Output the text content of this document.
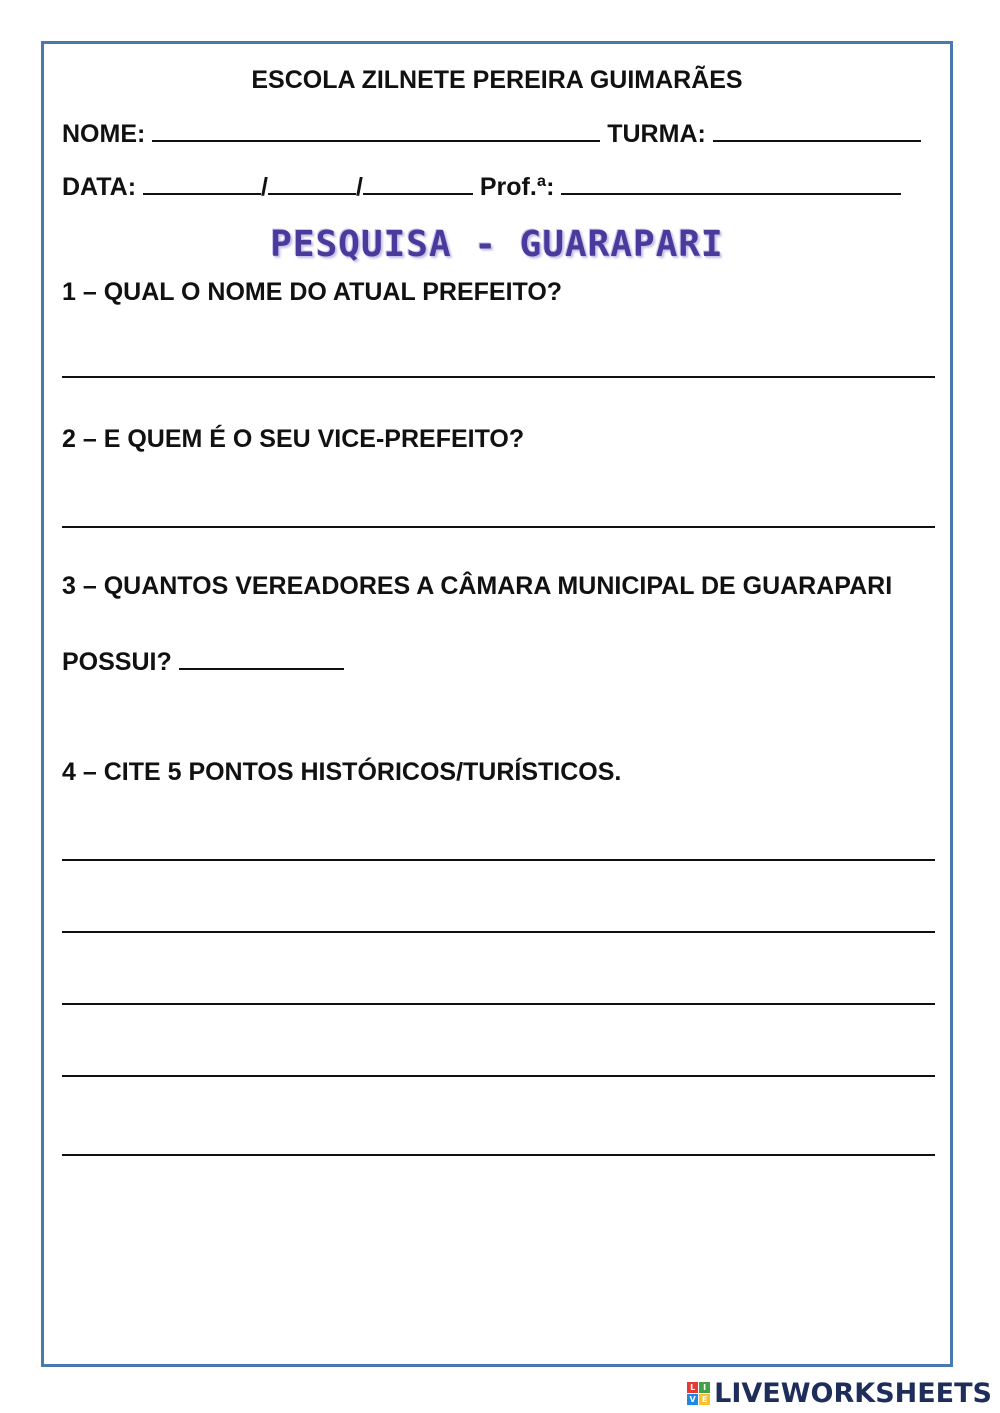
ESCOLA ZILNETE PEREIRA GUIMARÃES
NOME:	TURMA:
DATA:	/	/	Prof.ª:
PESQUISA - GUARAPARI
1 – QUAL O NOME DO ATUAL PREFEITO?
2 – E QUEM É O SEU VICE-PREFEITO?
3 – QUANTOS VEREADORES A CÂMARA MUNICIPAL DE GUARAPARI
POSSUI?
4 – CITE 5 PONTOS HISTÓRICOS/TURÍSTICOS.
L I
V E LIVEWORKSHEETS
